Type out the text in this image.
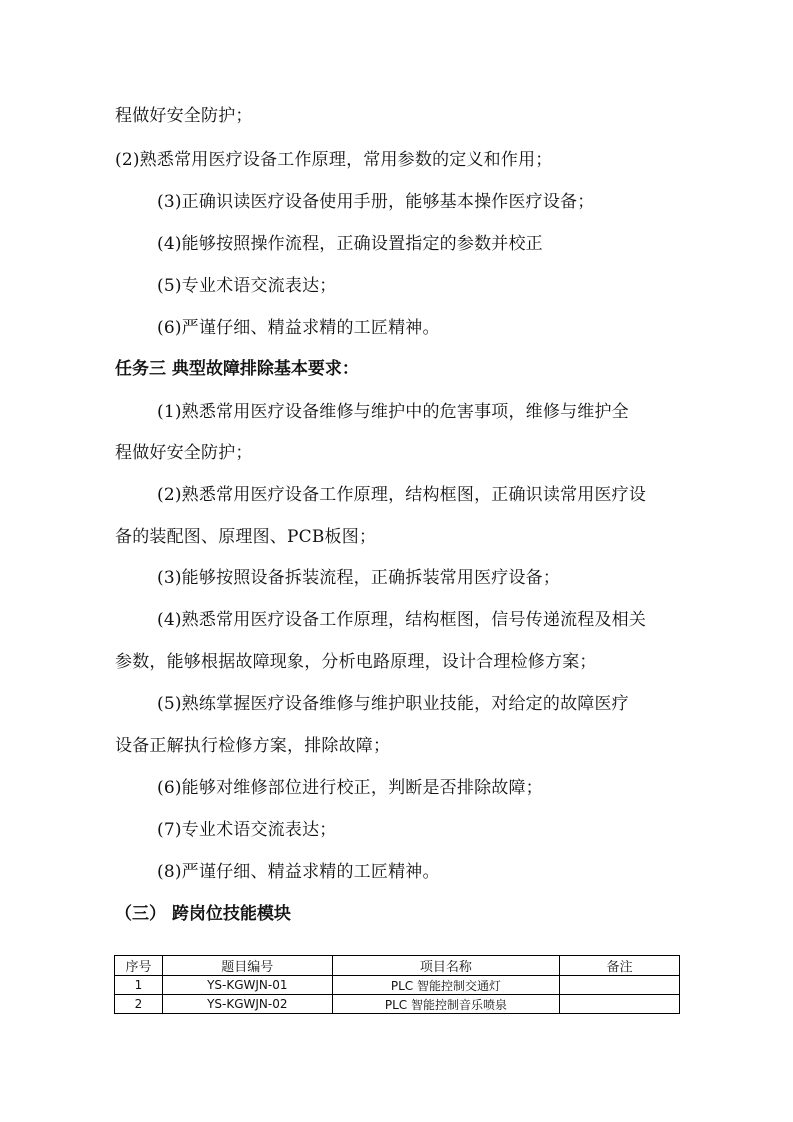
程做好安全防护；
(2)熟悉常用医疗设备工作原理，常用参数的定义和作用；
(3)正确识读医疗设备使用手册，能够基本操作医疗设备；
(4)能够按照操作流程，正确设置指定的参数并校正
(5)专业术语交流表达；
(6)严谨仔细、精益求精的工匠精神。
任务三 典型故障排除基本要求：
(1)熟悉常用医疗设备维修与维护中的危害事项，维修与维护全
程做好安全防护；
(2)熟悉常用医疗设备工作原理，结构框图，正确识读常用医疗设
备的装配图、原理图、PCB板图；
(3)能够按照设备拆装流程，正确拆装常用医疗设备；
(4)熟悉常用医疗设备工作原理，结构框图，信号传递流程及相关
参数，能够根据故障现象，分析电路原理，设计合理检修方案；
(5)熟练掌握医疗设备维修与维护职业技能，对给定的故障医疗
设备正解执行检修方案，排除故障；
(6)能够对维修部位进行校正，判断是否排除故障；
(7)专业术语交流表达；
(8)严谨仔细、精益求精的工匠精神。
（三） 跨岗位技能模块
序号	题目编号	项目名称	备注
1	YS-KGWJN-01	PLC 智能控制交通灯	
2	YS-KGWJN-02	PLC 智能控制音乐喷泉	
